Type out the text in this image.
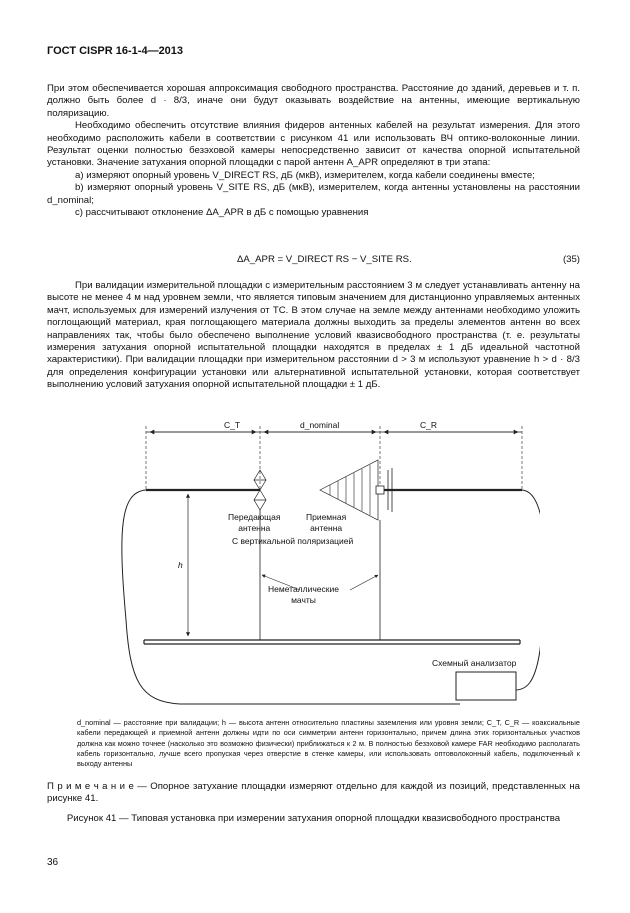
ГОСТ CISPR 16-1-4—2013

При этом обеспечивается хорошая аппроксимация свободного пространства. Расстояние до зданий, деревьев и т. п. должно быть более d · 8/3, иначе они будут оказывать воздействие на антенны, имеющие вертикальную поляризацию.

Необходимо обеспечить отсутствие влияния фидеров антенных кабелей на результат измерения. Для этого необходимо расположить кабели в соответствии с рисунком 41 или использовать ВЧ оптико-волоконные линии. Результат оценки полностью безэховой камеры непосредственно зависит от качества опорной испытательной установки. Значение затухания опорной площадки с парой антенн A_APR определяют в три этапа:

a) измеряют опорный уровень V_DIRECT RS, дБ (мкВ), измерителем, когда кабели соединены вместе;

b) измеряют опорный уровень V_SITE RS, дБ (мкВ), измерителем, когда антенны установлены на расстоянии d_nominal;

c) рассчитывают отклонение ΔA_APR в дБ с помощью уравнения

ΔA_APR = V_DIRECT RS − V_SITE RS.	(35)

При валидации измерительной площадки с измерительным расстоянием 3 м следует устанавливать антенну на высоте не менее 4 м над уровнем земли, что является типовым значением для дистанционно управляемых антенных мачт, используемых для измерений излучения от ТС. В этом случае на земле между антеннами необходимо уложить поглощающий материал, края поглощающего материала должны выходить за пределы элементов антенн во всех направлениях так, чтобы было обеспечено выполнение условий квазисвободного пространства (т. е. результаты измерения затухания опорной испытательной площадки находятся в пределах ± 1 дБ идеальной частотной характеристики). При валидации площадки при измерительном расстоянии d > 3 м используют уравнение h > d · 8/3 для определения конфигурации установки или альтернативной испытательной установки, которая соответствует выполнению условий затухания опорной испытательной площадки ± 1 дБ.

C_T	d_nominal	C_R
Передающая
антенна
Приемная
антенна
С вертикальной поляризацией
h
Неметаллические
мачты
Схемный анализатор
d_nominal — расстояние при валидации; h — высота антенн относительно пластины заземления или уровня земли; C_T, C_R — коаксиальные кабели передающей и приемной антенн должны идти по оси симметрии антенн горизонтально, причем длина этих горизонтальных участков должна как можно точнее (насколько это возможно физически) приближаться к 2 м. В полностью безэховой камере FAR необходимо располагать кабель горизонтально, лучше всего пропуская через отверстие в стенке камеры, или использовать оптоволоконный кабель, подключенный к выходу антенны
П р и м е ч а н и е — Опорное затухание площадки измеряют отдельно для каждой из позиций, представленных на рисунке 41.
Рисунок 41 — Типовая установка при измерении затухания опорной площадки квазисвободного пространства
36
